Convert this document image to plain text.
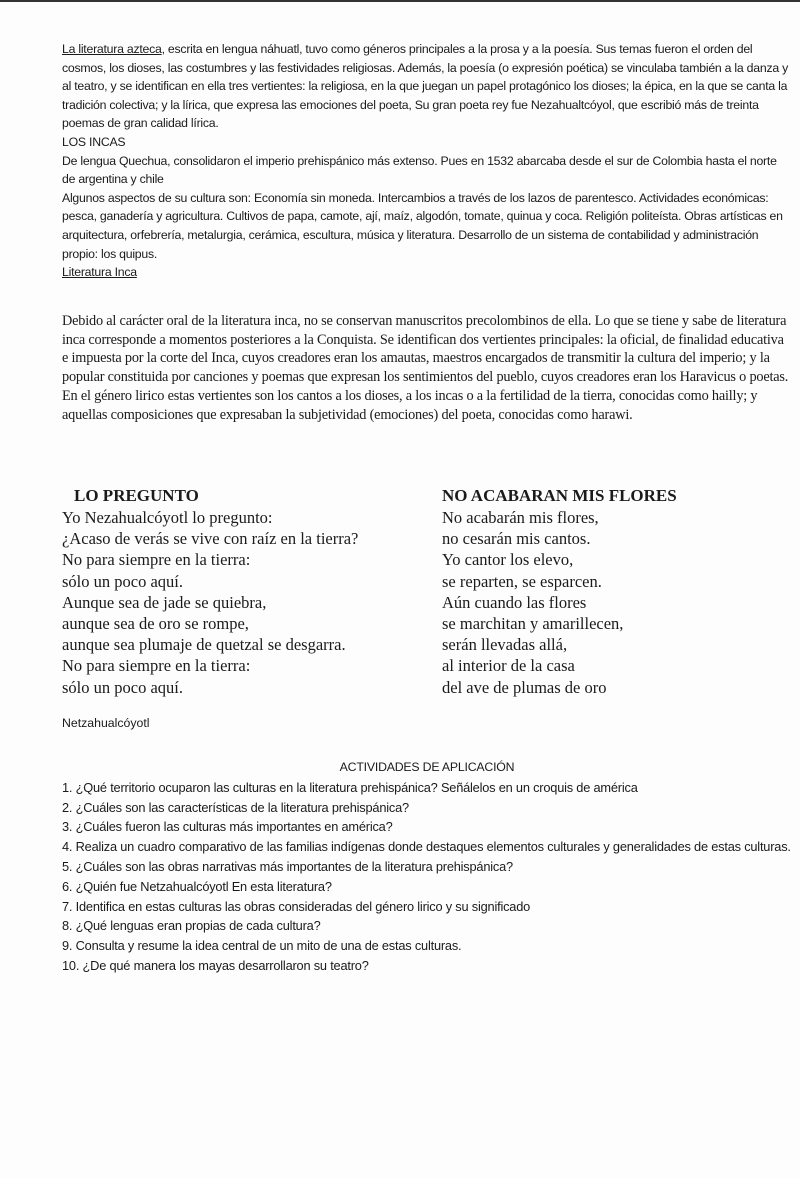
La literatura azteca, escrita en lengua náhuatl, tuvo como géneros principales a la prosa y a la poesía. Sus temas fueron el orden del cosmos, los dioses, las costumbres y las festividades religiosas. Además, la poesía (o expresión poética) se vinculaba también a la danza y al teatro, y se identifican en ella tres vertientes: la religiosa, en la que juegan un papel protagónico los dioses; la épica, en la que se canta la tradición colectiva; y la lírica, que expresa las emociones del poeta, Su gran poeta rey fue Nezahualtcóyol, que escribió más de treinta poemas de gran calidad lírica.

LOS INCAS

De lengua Quechua, consolidaron el imperio prehispánico más extenso. Pues en 1532 abarcaba desde el sur de Colombia hasta el norte de argentina y chile

Algunos aspectos de su cultura son: Economía sin moneda. Intercambios a través de los lazos de parentesco. Actividades económicas: pesca, ganadería y agricultura. Cultivos de papa, camote, ají, maíz, algodón, tomate, quinua y coca. Religión politeísta. Obras artísticas en arquitectura, orfebrería, metalurgia, cerámica, escultura, música y literatura. Desarrollo de un sistema de contabilidad y administración propio: los quipus.

Literatura Inca

Debido al carácter oral de la literatura inca, no se conservan manuscritos precolombinos de ella. Lo que se tiene y sabe de literatura inca corresponde a momentos posteriores a la Conquista. Se identifican dos vertientes principales: la oficial, de finalidad educativa e impuesta por la corte del Inca, cuyos creadores eran los amautas, maestros encargados de transmitir la cultura del imperio; y la popular constituida por canciones y poemas que expresan los sentimientos del pueblo, cuyos creadores eran los Haravicus o poetas. En el género lirico estas vertientes son los cantos a los dioses, a los incas o a la fertilidad de la tierra, conocidas como hailly; y aquellas composiciones que expresaban la subjetividad (emociones) del poeta, conocidas como harawi.
LO PREGUNTO
Yo Nezahualcóyotl lo pregunto:
¿Acaso de verás se vive con raíz en la tierra?
No para siempre en la tierra:
sólo un poco aquí.
Aunque sea de jade se quiebra,
aunque sea de oro se rompe,
aunque sea plumaje de quetzal se desgarra.
No para siempre en la tierra:
sólo un poco aquí.
NO ACABARAN MIS FLORES
No acabarán mis flores,
no cesarán mis cantos.
Yo cantor los elevo,
se reparten, se esparcen.
Aún cuando las flores
se marchitan y amarillecen,
serán llevadas allá,
al interior de la casa
del ave de plumas de oro
Netzahualcóyotl
ACTIVIDADES DE APLICACIÓN
1. ¿Qué territorio ocuparon las culturas en la literatura prehispánica? Señálelos en un croquis de américa
2. ¿Cuáles son las características de la literatura prehispánica?
3. ¿Cuáles fueron las culturas más importantes en américa?
4. Realiza un cuadro comparativo de las familias indígenas donde destaques elementos culturales y generalidades de estas culturas.
5. ¿Cuáles son las obras narrativas más importantes de la literatura prehispánica?
6. ¿Quién fue Netzahualcóyotl En esta literatura?
7. Identifica en estas culturas las obras consideradas del género lirico y su significado
8. ¿Qué lenguas eran propias de cada cultura?
9. Consulta y resume la idea central de un mito de una de estas culturas.
10. ¿De qué manera los mayas desarrollaron su teatro?
